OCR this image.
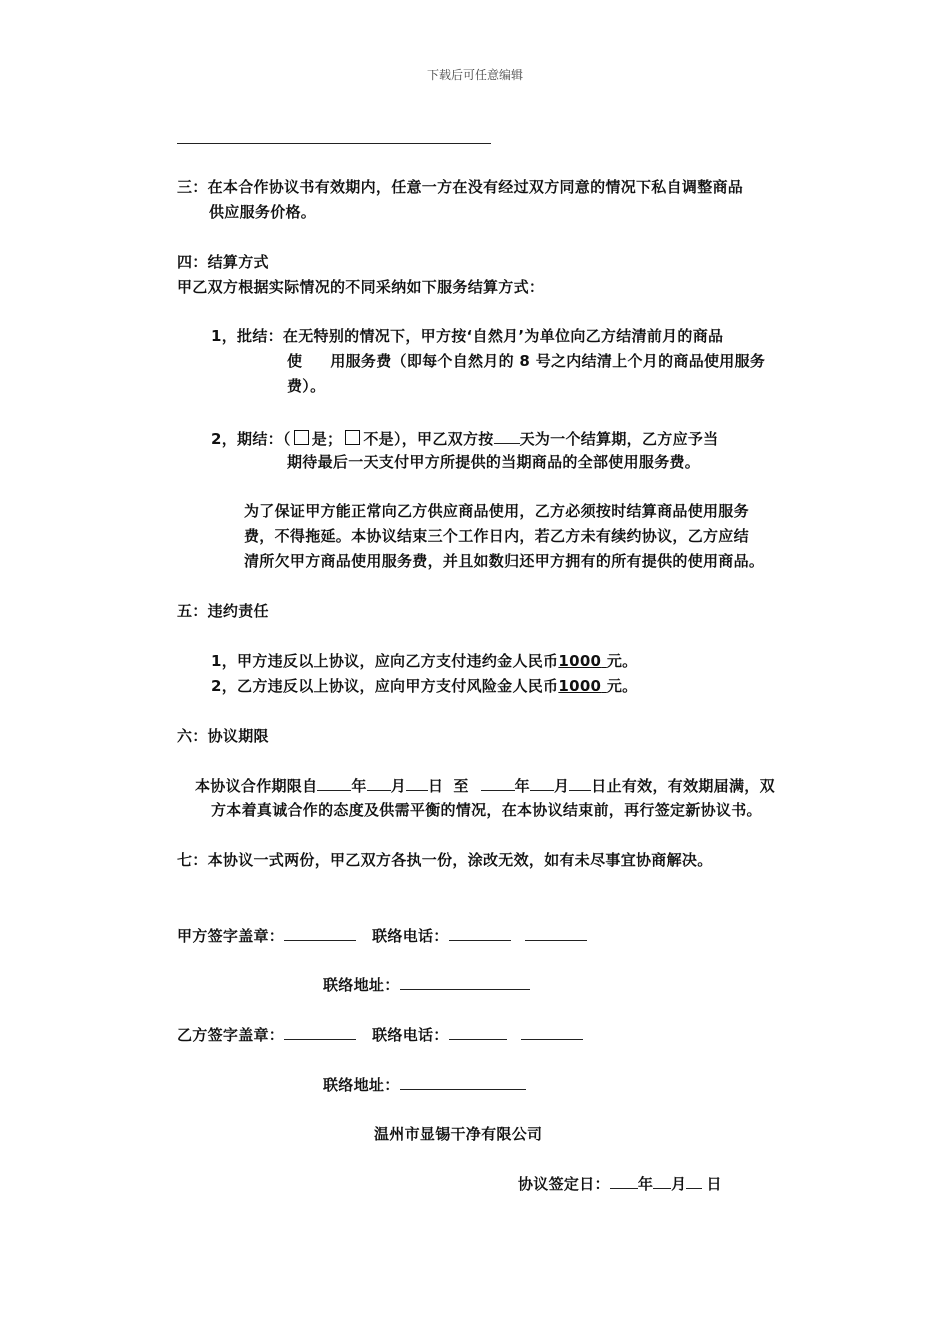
下载后可任意编辑
三：在本合作协议书有效期内，任意一方在没有经过双方同意的情况下私自调整商品
供应服务价格。
四：结算方式
甲乙双方根据实际情况的不同采纳如下服务结算方式：
1，批结：在无特别的情况下，甲方按‘自然月’为单位向乙方结清前月的商品
使 用服务费（即每个自然月的 8 号之内结清上个月的商品使用服务
费）。
2，期结：（ 是； 不是），甲乙双方按 天为一个结算期，乙方应予当
期待最后一天支付甲方所提供的当期商品的全部使用服务费。
为了保证甲方能正常向乙方供应商品使用，乙方必须按时结算商品使用服务
费，不得拖延。本协议结束三个工作日内，若乙方未有续约协议，乙方应结
清所欠甲方商品使用服务费，并且如数归还甲方拥有的所有提供的使用商品。
五：违约责任
1，甲方违反以上协议，应向乙方支付违约金人民币1000 元。
2，乙方违反以上协议，应向甲方支付风险金人民币1000 元。
六：协议期限
本协议合作期限自 年 月 日 至	年 月 日止有效，有效期届满，双
方本着真诚合作的态度及供需平衡的情况，在本协议结束前，再行签定新协议书。
七：本协议一式两份，甲乙双方各执一份，涂改无效，如有未尽事宜协商解决。
甲方签字盖章：	联络电话：
联络地址：
乙方签字盖章：	联络电话：
联络地址：
温州市显锡干净有限公司
协议签定日： 年 月 日
